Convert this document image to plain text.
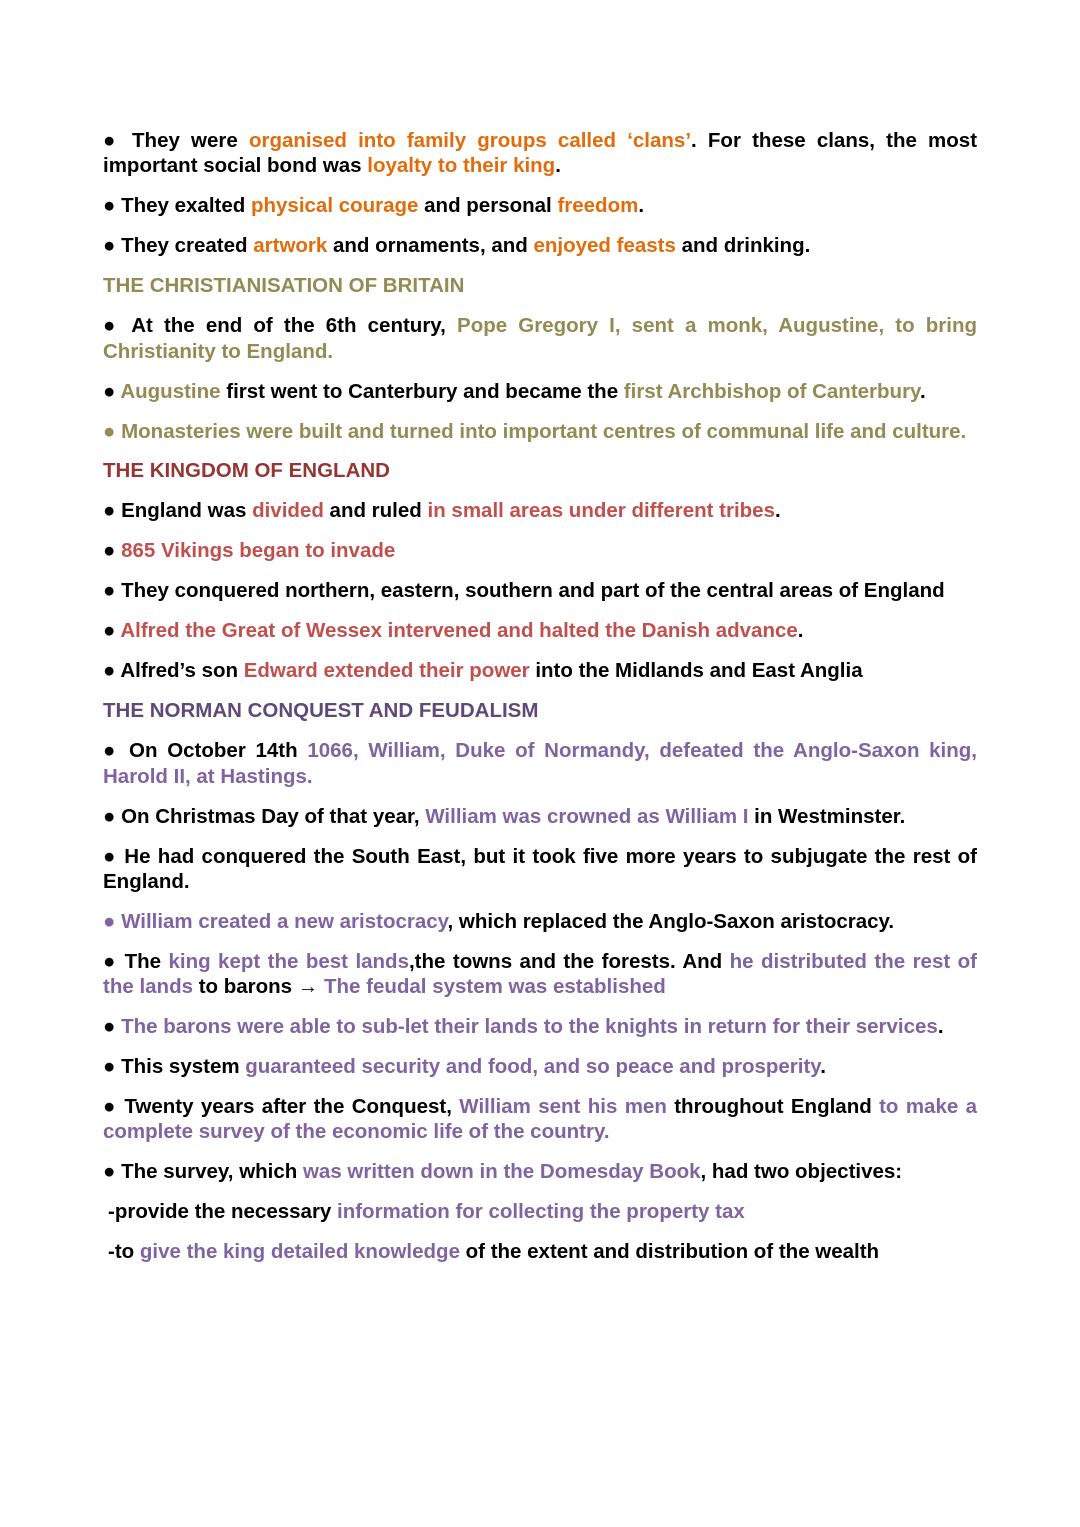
● They were organised into family groups called ‘clans’. For these clans, the most important social bond was loyalty to their king.

● They exalted physical courage and personal freedom.

● They created artwork and ornaments, and enjoyed feasts and drinking.

THE CHRISTIANISATION OF BRITAIN

● At the end of the 6th century, Pope Gregory I, sent a monk, Augustine, to bring Christianity to England.

● Augustine first went to Canterbury and became the first Archbishop of Canterbury.

● Monasteries were built and turned into important centres of communal life and culture.

THE KINGDOM OF ENGLAND

● England was divided and ruled in small areas under different tribes.

● 865 Vikings began to invade

● They conquered northern, eastern, southern and part of the central areas of England

● Alfred the Great of Wessex intervened and halted the Danish advance.

● Alfred’s son Edward extended their power into the Midlands and East Anglia

THE NORMAN CONQUEST AND FEUDALISM

● On October 14th 1066, William, Duke of Normandy, defeated the Anglo-Saxon king, Harold II, at Hastings.

● On Christmas Day of that year, William was crowned as William I in Westminster.

● He had conquered the South East, but it took five more years to subjugate the rest of England.

● William created a new aristocracy, which replaced the Anglo-Saxon aristocracy.

● The king kept the best lands,the towns and the forests. And he distributed the rest of the lands to barons → The feudal system was established

● The barons were able to sub-let their lands to the knights in return for their services.

● This system guaranteed security and food, and so peace and prosperity.

● Twenty years after the Conquest, William sent his men throughout England to make a complete survey of the economic life of the country.

● The survey, which was written down in the Domesday Book, had two objectives:

-provide the necessary information for collecting the property tax

-to give the king detailed knowledge of the extent and distribution of the wealth
